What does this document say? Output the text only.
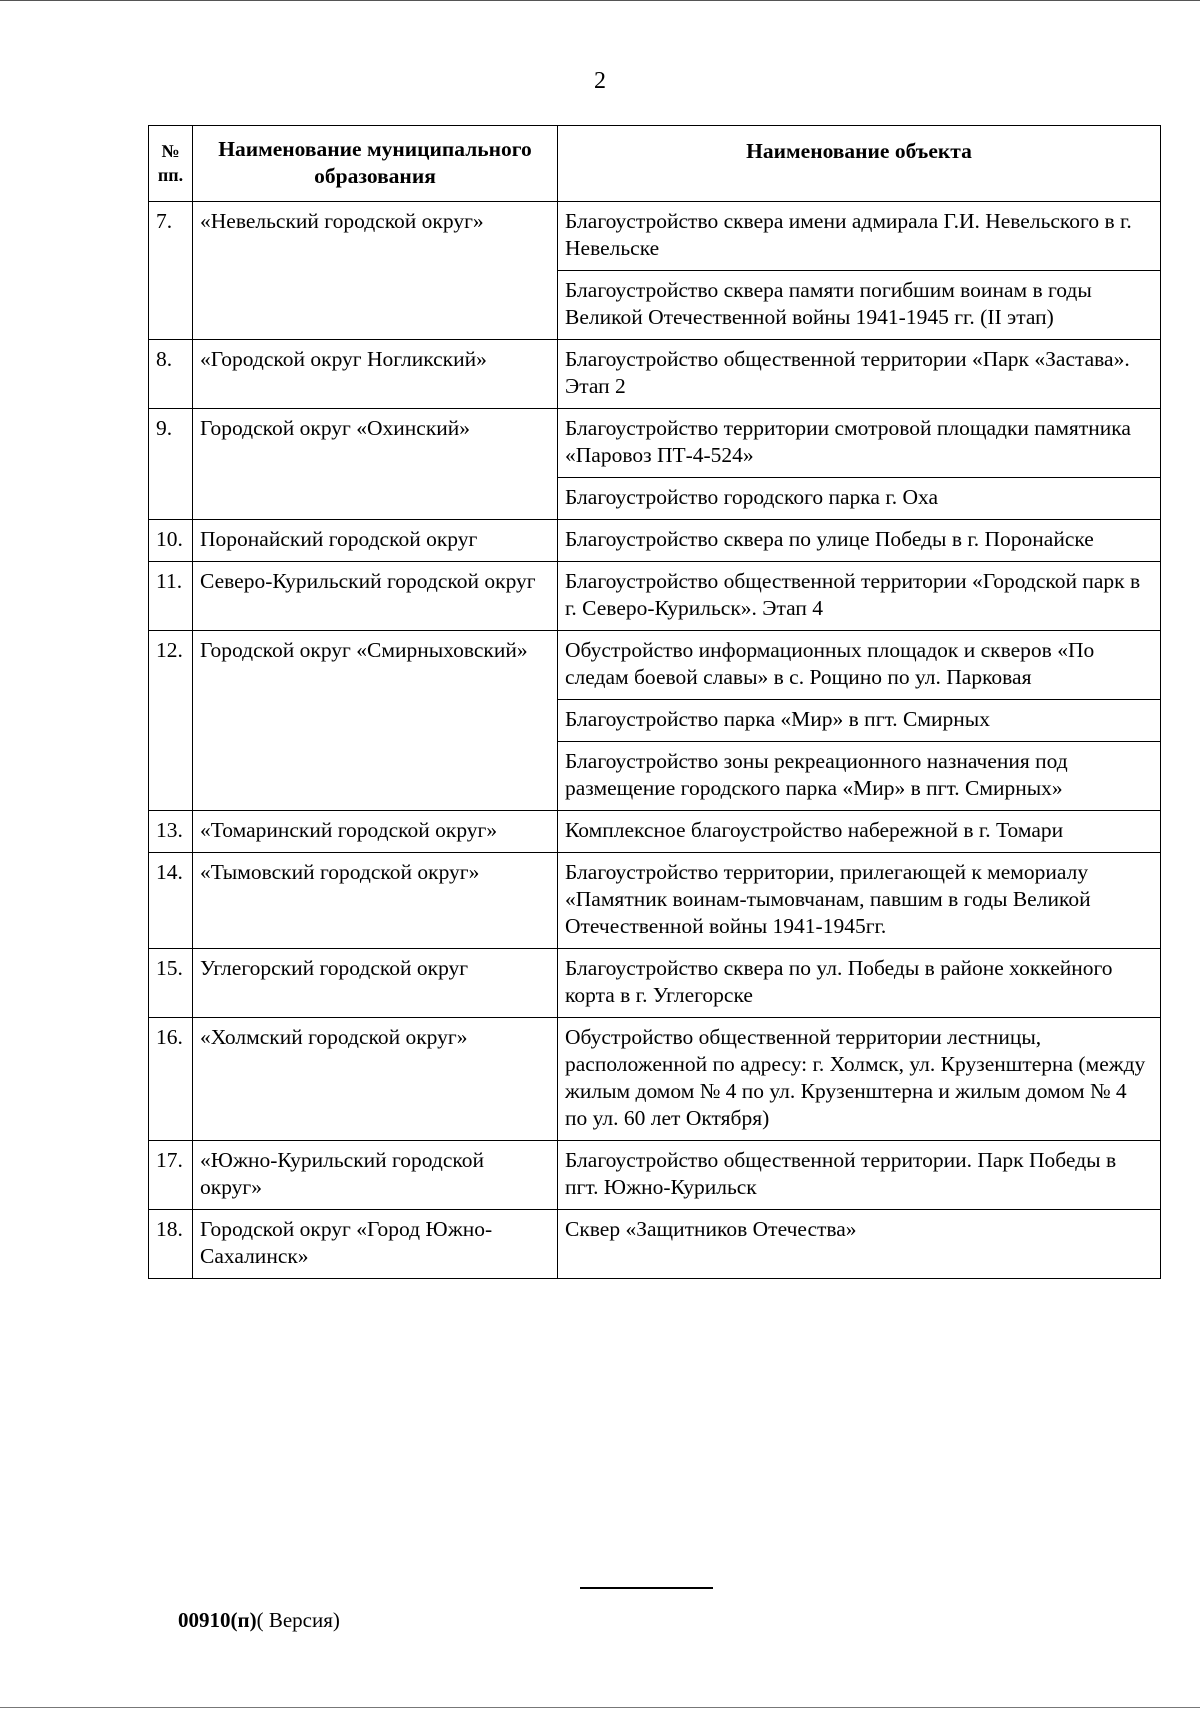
2
№ пп.	Наименование муниципального образования	Наименование объекта
7.	«Невельский городской округ»	Благоустройство сквера имени адмирала Г.И. Невельского в г. Невельске
		Благоустройство сквера памяти погибшим воинам в годы Великой Отечественной войны 1941-1945 гг. (II этап)
8.	«Городской округ Ногликский»	Благоустройство общественной территории «Парк «Застава». Этап 2
9.	Городской округ «Охинский»	Благоустройство территории смотровой площадки памятника «Паровоз ПТ-4-524»
		Благоустройство городского парка г. Оха
10.	Поронайский городской округ	Благоустройство сквера по улице Победы в г. Поронайске
11.	Северо-Курильский городской округ	Благоустройство общественной территории «Городской парк в г. Северо-Курильск». Этап 4
12.	Городской округ «Смирныховский»	Обустройство информационных площадок и скверов «По следам боевой славы» в с. Рощино по ул. Парковая
		Благоустройство парка «Мир» в пгт. Смирных
		Благоустройство зоны рекреационного назначения под размещение городского парка «Мир» в пгт. Смирных»
13.	«Томаринский городской округ»	Комплексное благоустройство набережной в г. Томари
14.	«Тымовский городской округ»	Благоустройство территории, прилегающей к мемориалу «Памятник воинам-тымовчанам, павшим в годы Великой Отечественной войны 1941-1945гг.
15.	Углегорский городской округ	Благоустройство сквера по ул. Победы в районе хоккейного корта в г. Углегорске
16.	«Холмский городской округ»	Обустройство общественной территории лестницы, расположенной по адресу: г. Холмск, ул. Крузенштерна (между жилым домом № 4 по ул. Крузенштерна и жилым домом № 4 по ул. 60 лет Октября)
17.	«Южно-Курильский городской округ»	Благоустройство общественной территории. Парк Победы в пгт. Южно-Курильск
18.	Городской округ «Город Южно-Сахалинск»	Сквер «Защитников Отечества»
00910(п)( Версия)
